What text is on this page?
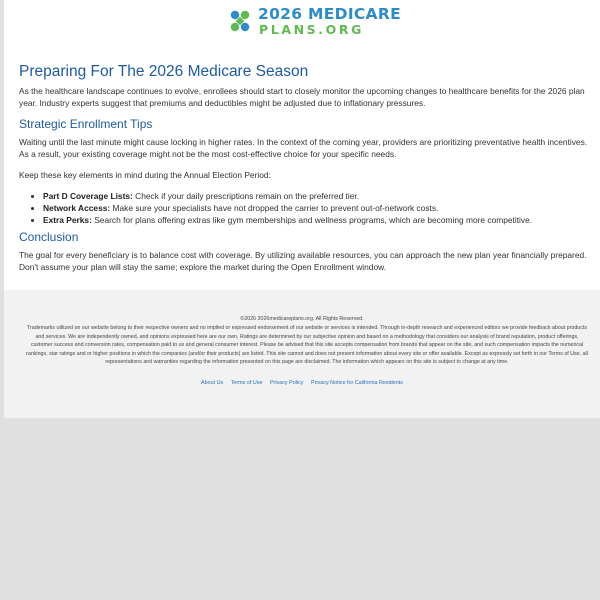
2026 MEDICARE
PLANS.ORG
Preparing For The 2026 Medicare Season

As the healthcare landscape continues to evolve, enrollees should start to closely monitor the upcoming changes to healthcare benefits for the 2026 plan year. Industry experts suggest that premiums and deductibles might be adjusted due to inflationary pressures.

Strategic Enrollment Tips

Waiting until the last minute might cause locking in higher rates. In the context of the coming year, providers are prioritizing preventative health incentives. As a result, your existing coverage might not be the most cost-effective choice for your specific needs.

Keep these key elements in mind during the Annual Election Period:

• Part D Coverage Lists: Check if your daily prescriptions remain on the preferred tier.
• Network Access: Make sure your specialists have not dropped the carrier to prevent out-of-network costs.
• Extra Perks: Search for plans offering extras like gym memberships and wellness programs, which are becoming more competitive.
Conclusion

The goal for every beneficiary is to balance cost with coverage. By utilizing available resources, you can approach the new plan year financially prepared. Don't assume your plan will stay the same; explore the market during the Open Enrollment window.

©2026 2026medicareplans.org. All Rights Reserved.
Trademarks utilized on our website belong to their respective owners and no implied or expressed endorsement of our website or services is intended. Through in-depth research and experienced editors we provide feedback about products and services. We are independently owned, and opinions expressed here are our own. Ratings are determined by our subjective opinion and based on a methodology that considers our analysis of brand reputation, product offerings, customer success and conversion rates, compensation paid to us and general consumer interest. Please be advised that this site accepts compensation from brands that appear on the site, and such compensation impacts the numerical rankings, star ratings and or higher positions in which the companies (and/or their products) are listed. This site cannot and does not present information about every site or offer available. Except as expressly set forth in our Terms of Use, all representations and warranties regarding the information presented on this page are disclaimed. The information which appears on this site is subject to change at any time.
About Us Terms of Use Privacy Policy Privacy Notice for California Residents
